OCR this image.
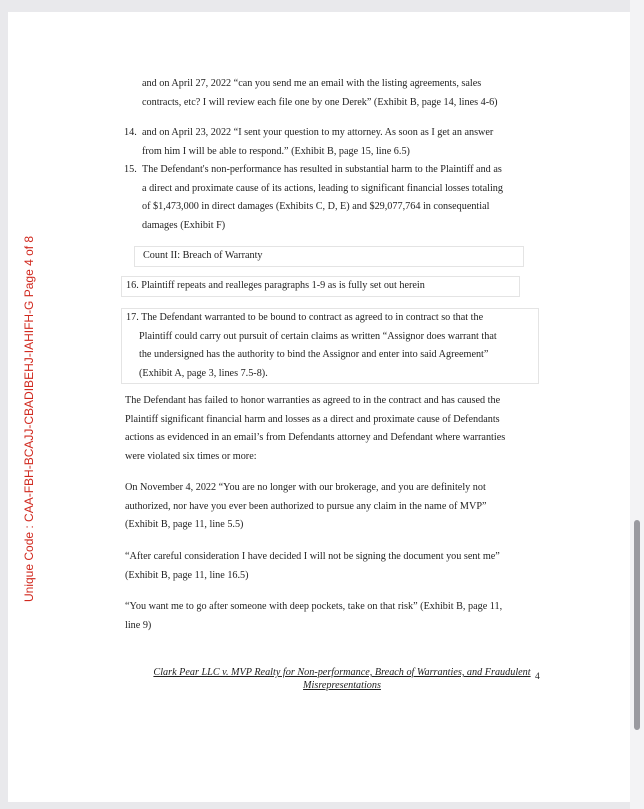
Unique Code : CAA-FBH-BCAJJ-CBADIBEHJ-IAHIFH-G Page 4 of 8
and on April 27, 2022 “can you send me an email with the listing agreements, sales
contracts, etc? I will review each file one by one Derek” (Exhibit B, page 14, lines 4-6)
14. and on April 23, 2022 “I sent your question to my attorney. As soon as I get an answer
from him I will be able to respond.” (Exhibit B, page 15, line 6.5)
15. The Defendant's non-performance has resulted in substantial harm to the Plaintiff and as
a direct and proximate cause of its actions, leading to significant financial losses totaling
of $1,473,000 in direct damages (Exhibits C, D, E) and $29,077,764 in consequential
damages (Exhibit F)
Count II: Breach of Warranty
16. Plaintiff repeats and realleges paragraphs 1-9 as is fully set out herein
17. The Defendant warranted to be bound to contract as agreed to in contract so that the
Plaintiff could carry out pursuit of certain claims as written “Assignor does warrant that
the undersigned has the authority to bind the Assignor and enter into said Agreement”
(Exhibit A, page 3, lines 7.5-8).
The Defendant has failed to honor warranties as agreed to in the contract and has caused the
Plaintiff significant financial harm and losses as a direct and proximate cause of Defendants
actions as evidenced in an email’s from Defendants attorney and Defendant where warranties
were violated six times or more:
On November 4, 2022 “You are no longer with our brokerage, and you are definitely not
authorized, nor have you ever been authorized to pursue any claim in the name of MVP”
(Exhibit B, page 11, line 5.5)
“After careful consideration I have decided I will not be signing the document you sent me”
(Exhibit B, page 11, line 16.5)
“You want me to go after someone with deep pockets, take on that risk” (Exhibit B, page 11,
line 9)
Clark Pear LLC v. MVP Realty for Non-performance, Breach of Warranties, and Fraudulent
Misrepresentations
4
